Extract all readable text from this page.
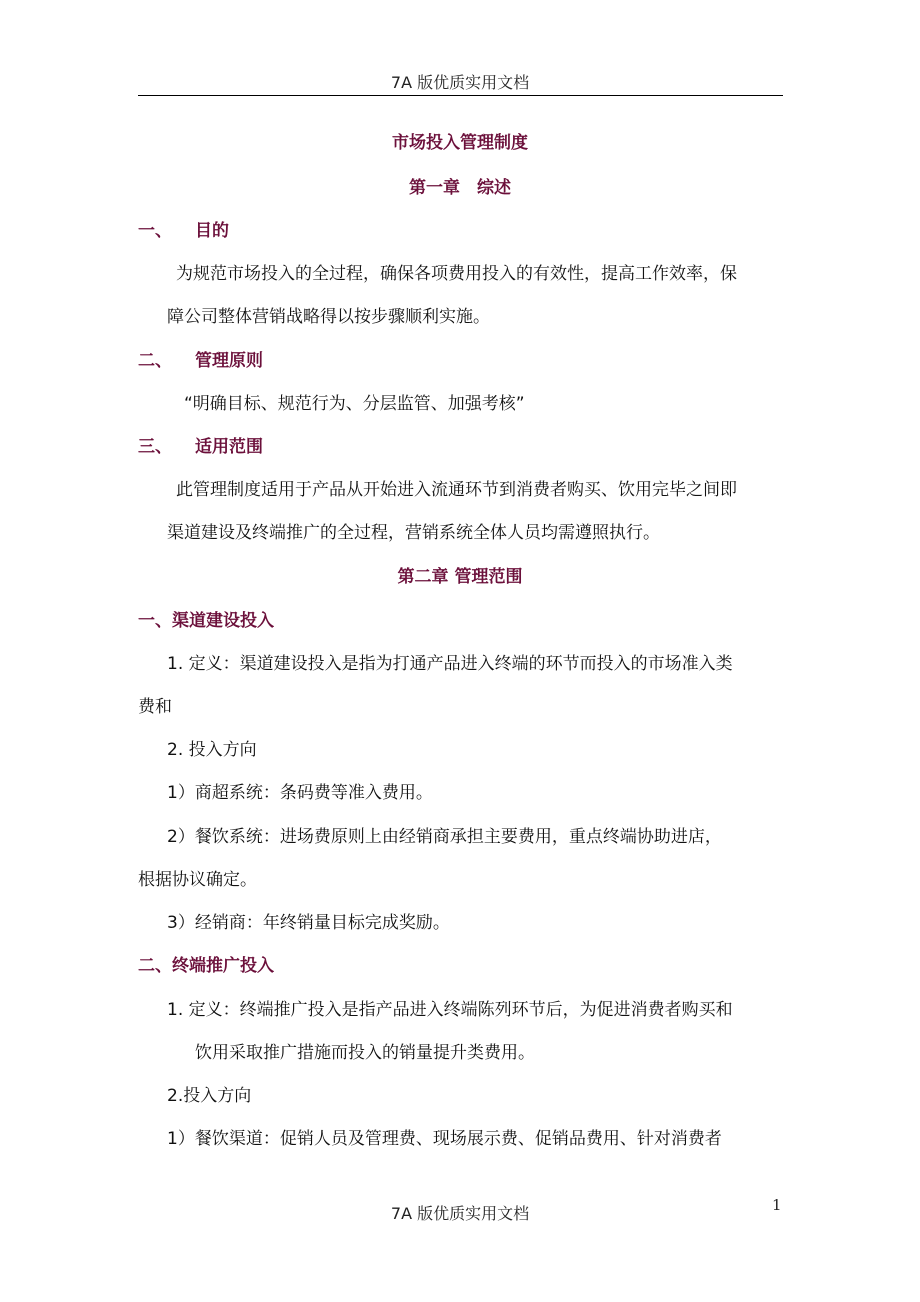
7A 版优质实用文档
市场投入管理制度
第一章　综述
一、 目的
为规范市场投入的全过程，确保各项费用投入的有效性，提高工作效率，保
障公司整体营销战略得以按步骤顺利实施。
二、 管理原则
“明确目标、规范行为、分层监管、加强考核”
三、 适用范围
此管理制度适用于产品从开始进入流通环节到消费者购买、饮用完毕之间即
渠道建设及终端推广的全过程，营销系统全体人员均需遵照执行。
第二章 管理范围
一、渠道建设投入
1. 定义：渠道建设投入是指为打通产品进入终端的环节而投入的市场准入类
费和
2. 投入方向
1）商超系统：条码费等准入费用。
2）餐饮系统：进场费原则上由经销商承担主要费用，重点终端协助进店，
根据协议确定。
3）经销商：年终销量目标完成奖励。
二、终端推广投入
1. 定义：终端推广投入是指产品进入终端陈列环节后，为促进消费者购买和
饮用采取推广措施而投入的销量提升类费用。
2.投入方向
1）餐饮渠道：促销人员及管理费、现场展示费、促销品费用、针对消费者
1
7A 版优质实用文档
